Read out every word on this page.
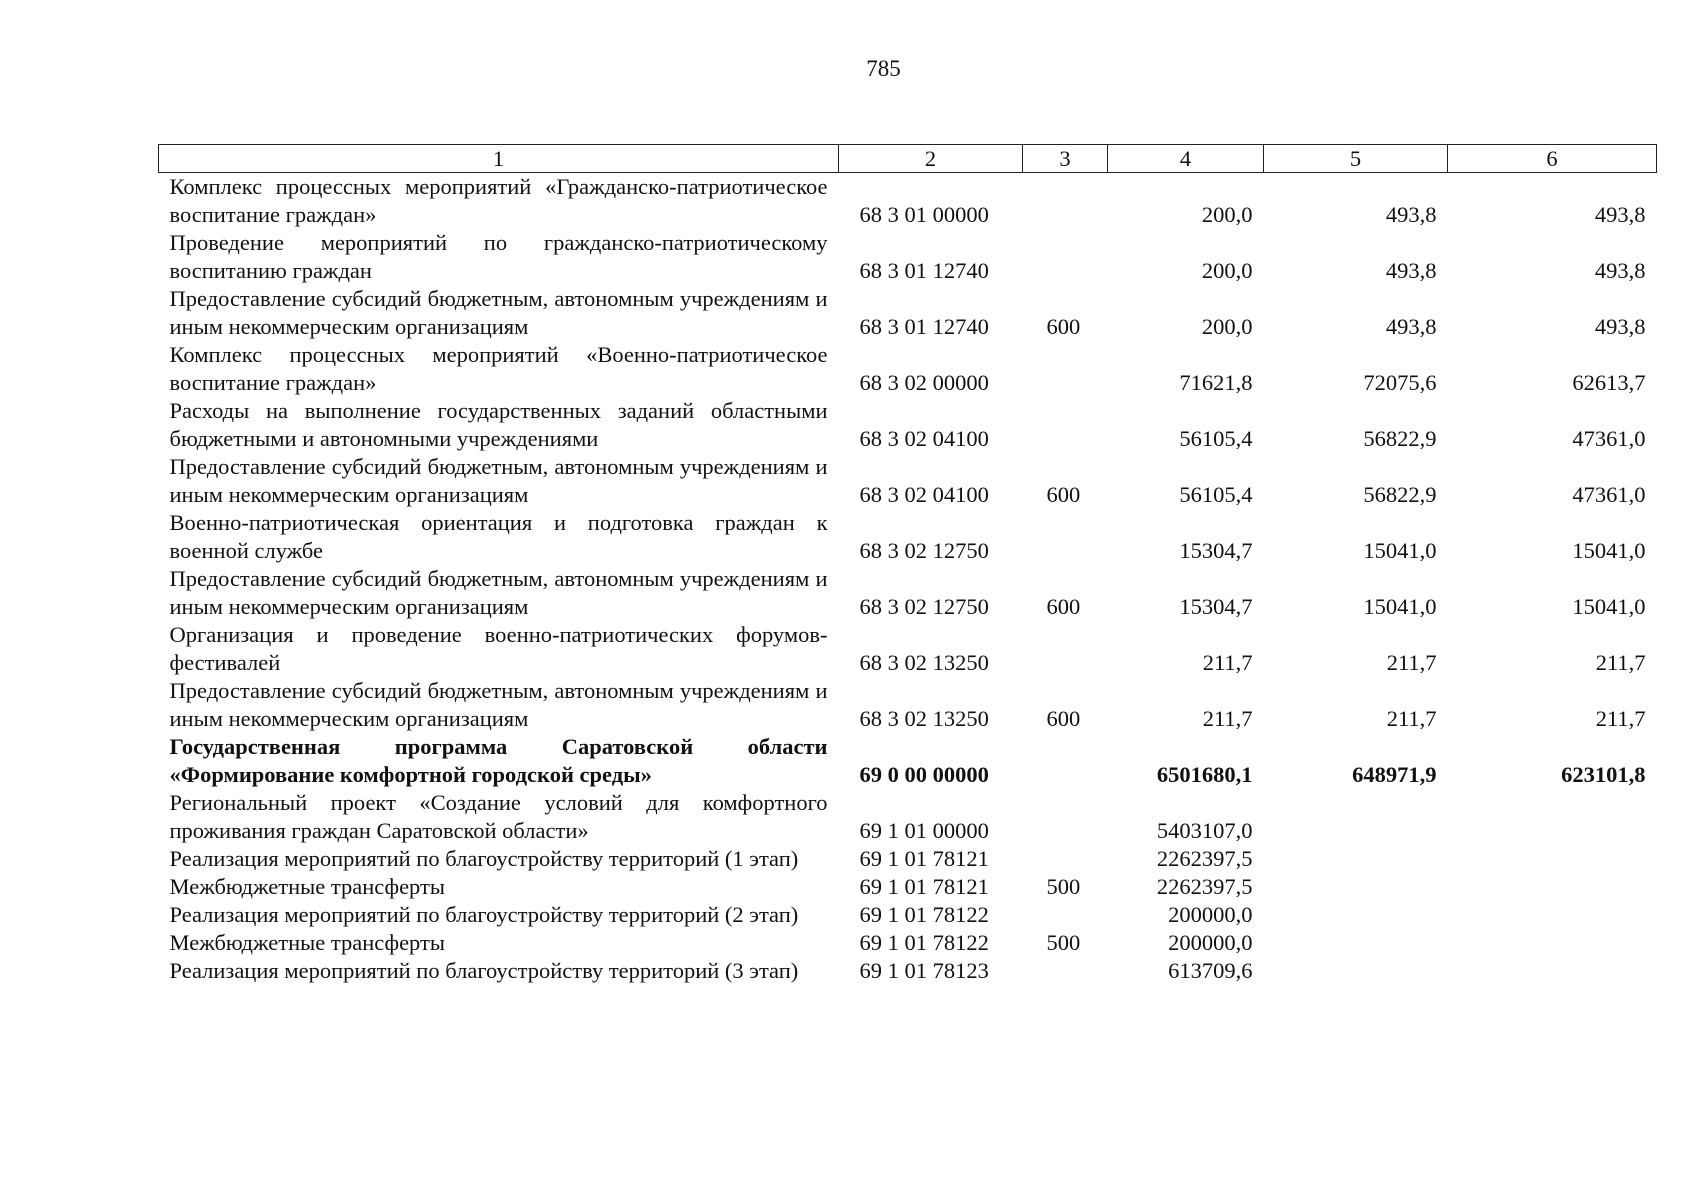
785
1	2	3	4	5	6
Комплекс процессных мероприятий «Гражданско-патриотическое воспитание граждан»	68 3 01 00000		200,0	493,8	493,8
Проведение мероприятий по гражданско-патриотическому воспитанию граждан	68 3 01 12740		200,0	493,8	493,8
Предоставление субсидий бюджетным, автономным учреждениям и иным некоммерческим организациям	68 3 01 12740	600	200,0	493,8	493,8
Комплекс процессных мероприятий «Военно-патриотическое воспитание граждан»	68 3 02 00000		71621,8	72075,6	62613,7
Расходы на выполнение государственных заданий областными бюджетными и автономными учреждениями	68 3 02 04100		56105,4	56822,9	47361,0
Предоставление субсидий бюджетным, автономным учреждениям и иным некоммерческим организациям	68 3 02 04100	600	56105,4	56822,9	47361,0
Военно-патриотическая ориентация и подготовка граждан к военной службе	68 3 02 12750		15304,7	15041,0	15041,0
Предоставление субсидий бюджетным, автономным учреждениям и иным некоммерческим организациям	68 3 02 12750	600	15304,7	15041,0	15041,0
Организация и проведение военно-патриотических форумов-фестивалей	68 3 02 13250		211,7	211,7	211,7
Предоставление субсидий бюджетным, автономным учреждениям и иным некоммерческим организациям	68 3 02 13250	600	211,7	211,7	211,7
Государственная программа Саратовской области «Формирование комфортной городской среды»	69 0 00 00000		6501680,1	648971,9	623101,8
Региональный проект «Создание условий для комфортного проживания граждан Саратовской области»	69 1 01 00000		5403107,0		
Реализация мероприятий по благоустройству территорий (1 этап)	69 1 01 78121		2262397,5		
Межбюджетные трансферты	69 1 01 78121	500	2262397,5		
Реализация мероприятий по благоустройству территорий (2 этап)	69 1 01 78122		200000,0		
Межбюджетные трансферты	69 1 01 78122	500	200000,0		
Реализация мероприятий по благоустройству территорий (3 этап)	69 1 01 78123		613709,6		
